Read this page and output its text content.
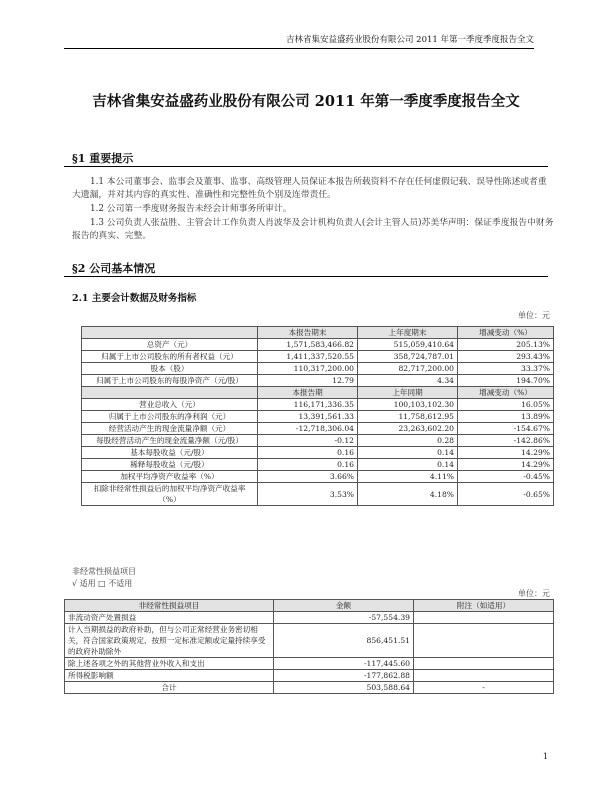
吉林省集安益盛药业股份有限公司 2011 年第一季度季度报告全文
吉林省集安益盛药业股份有限公司 2011 年第一季度季度报告全文
§1 重要提示
1.1 本公司董事会、监事会及董事、监事、高级管理人员保证本报告所载资料不存在任何虚假记载、误导性陈述或者重大遗漏，并对其内容的真实性、准确性和完整性负个别及连带责任。
1.2 公司第一季度财务报告未经会计师事务所审计。
1.3 公司负责人张益胜、主管会计工作负责人肖波华及会计机构负责人(会计主管人员)苏美华声明：保证季度报告中财务报告的真实、完整。
§2 公司基本情况
2.1 主要会计数据及财务指标
单位：元
	本报告期末	上年度期末	增减变动（%）
总资产（元）	1,571,583,466.82	515,059,410.64	205.13%
归属于上市公司股东的所有者权益（元）	1,411,337,520.55	358,724,787.01	293.43%
股本（股）	110,317,200.00	82,717,200.00	33.37%
归属于上市公司股东的每股净资产（元/股）	12.79	4.34	194.70%
	本报告期	上年同期	增减变动（%）
营业总收入（元）	116,171,336.35	100,103,102.30	16.05%
归属于上市公司股东的净利润（元）	13,391,561.33	11,758,612.95	13.89%
经营活动产生的现金流量净额（元）	-12,718,306.04	23,263,602.20	-154.67%
每股经营活动产生的现金流量净额（元/股）	-0.12	0.28	-142.86%
基本每股收益（元/股）	0.16	0.14	14.29%
稀释每股收益（元/股）	0.16	0.14	14.29%
加权平均净资产收益率（%）	3.66%	4.11%	-0.45%
扣除非经常性损益后的加权平均净资产收益率（%）	3.53%	4.18%	-0.65%
非经常性损益项目
√ 适用 □ 不适用
单位：元
非经常性损益项目	金额	附注（如适用）
非流动资产处置损益	-57,554.39	
计入当期损益的政府补助，但与公司正常经营业务密切相关，符合国家政策规定、按照一定标准定额或定量持续享受的政府补助除外	856,451.51	
除上述各项之外的其他营业外收入和支出	-117,445.60	
所得税影响额	-177,862.88	
合计	503,588.64	-
1
